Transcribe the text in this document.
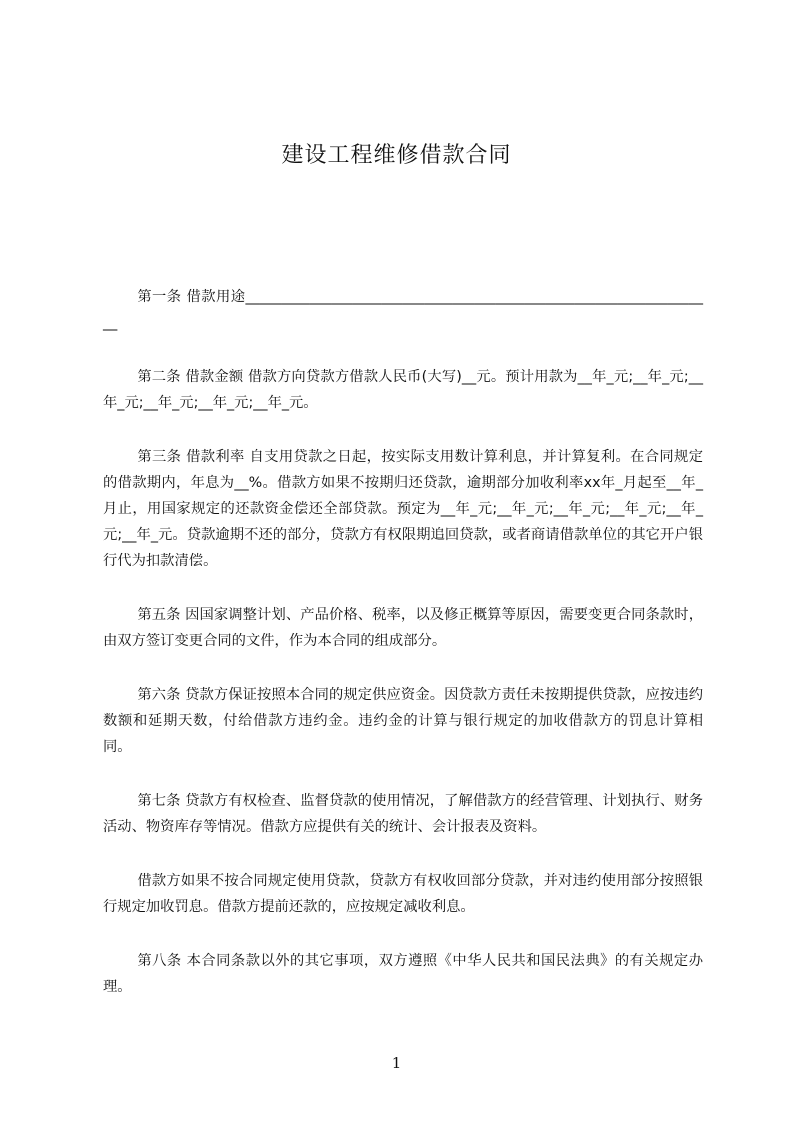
建设工程维修借款合同

第一条 借款用途__________________________________________________________________

第二条 借款金额 借款方向贷款方借款人民币(大写)__元。预计用款为__年_元;__年_元;__年_元;__年_元;__年_元;__年_元。

第三条 借款利率 自支用贷款之日起，按实际支用数计算利息，并计算复利。在合同规定的借款期内，年息为__%。借款方如果不按期归还贷款，逾期部分加收利率xx年_月起至__年_月止，用国家规定的还款资金偿还全部贷款。预定为__年_元;__年_元;__年_元;__年_元;__年_元;__年_元。贷款逾期不还的部分，贷款方有权限期追回贷款，或者商请借款单位的其它开户银行代为扣款清偿。

第五条 因国家调整计划、产品价格、税率，以及修正概算等原因，需要变更合同条款时，由双方签订变更合同的文件，作为本合同的组成部分。

第六条 贷款方保证按照本合同的规定供应资金。因贷款方责任未按期提供贷款，应按违约数额和延期天数，付给借款方违约金。违约金的计算与银行规定的加收借款方的罚息计算相同。

第七条 贷款方有权检查、监督贷款的使用情况，了解借款方的经营管理、计划执行、财务活动、物资库存等情况。借款方应提供有关的统计、会计报表及资料。

借款方如果不按合同规定使用贷款，贷款方有权收回部分贷款，并对违约使用部分按照银行规定加收罚息。借款方提前还款的，应按规定减收利息。

第八条 本合同条款以外的其它事项，双方遵照《中华人民共和国民法典》的有关规定办理。

1
